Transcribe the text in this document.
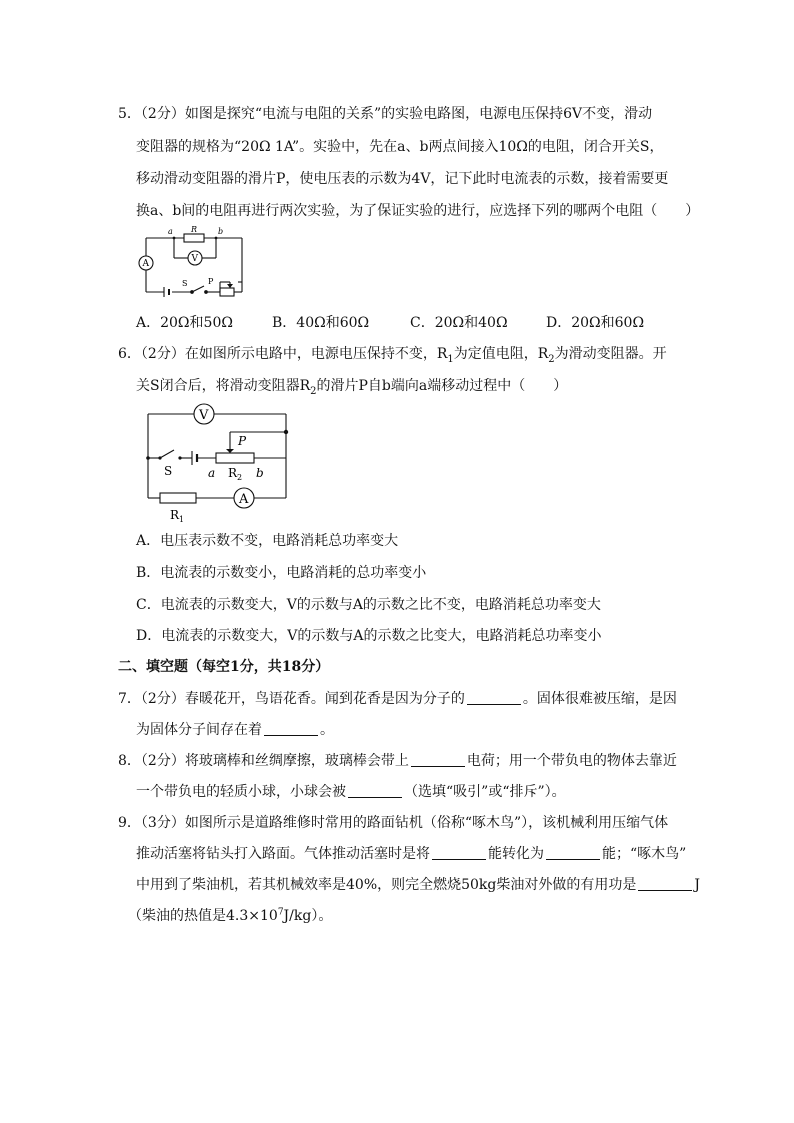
5．（2分）如图是探究“电流与电阻的关系”的实验电路图，电源电压保持6V不变，滑动
变阻器的规格为“20Ω 1A”。实验中，先在a、b两点间接入10Ω的电阻，闭合开关S，
移动滑动变阻器的滑片P，使电压表的示数为4V，记下此时电流表的示数，接着需要更
换a、b间的电阻再进行两次实验，为了保证实验的进行，应选择下列的哪两个电阻（　　）
a R	b
V
A
S	P
A．20Ω和50Ω	B．40Ω和60Ω	C．20Ω和40Ω	D．20Ω和60Ω
6．（2分）在如图所示电路中，电源电压保持不变，$R_1$为定值电阻，$R_2$为滑动变阻器。开
关S闭合后，将滑动变阻器$R_2$的滑片P自b端向a端移动过程中（　　）
V
A
S
P
a	b
$R_2$
$R_1$
A．电压表示数不变，电路消耗总功率变大
B．电流表的示数变小，电路消耗的总功率变小
C．电流表的示数变大，V的示数与A的示数之比不变，电路消耗总功率变大
D．电流表的示数变大，V的示数与A的示数之比变大，电路消耗总功率变小
二、填空题（每空1分，共18分）
7．（2分）春暖花开，鸟语花香。闻到花香是因为分子的	。固体很难被压缩，是因
为固体分子间存在着	。
8．（2分）将玻璃棒和丝绸摩擦，玻璃棒会带上	电荷；用一个带负电的物体去靠近
一个带负电的轻质小球，小球会被	（选填“吸引”或“排斥”）。
9．（3分）如图所示是道路维修时常用的路面钻机（俗称“啄木鸟”），该机械利用压缩气体
推动活塞将钻头打入路面。气体推动活塞时是将	能转化为	能；“啄木鸟”
中用到了柴油机，若其机械效率是40%，则完全燃烧50kg柴油对外做的有用功是	J
（柴油的热值是$4.3\times 10^7J/kg$）。
